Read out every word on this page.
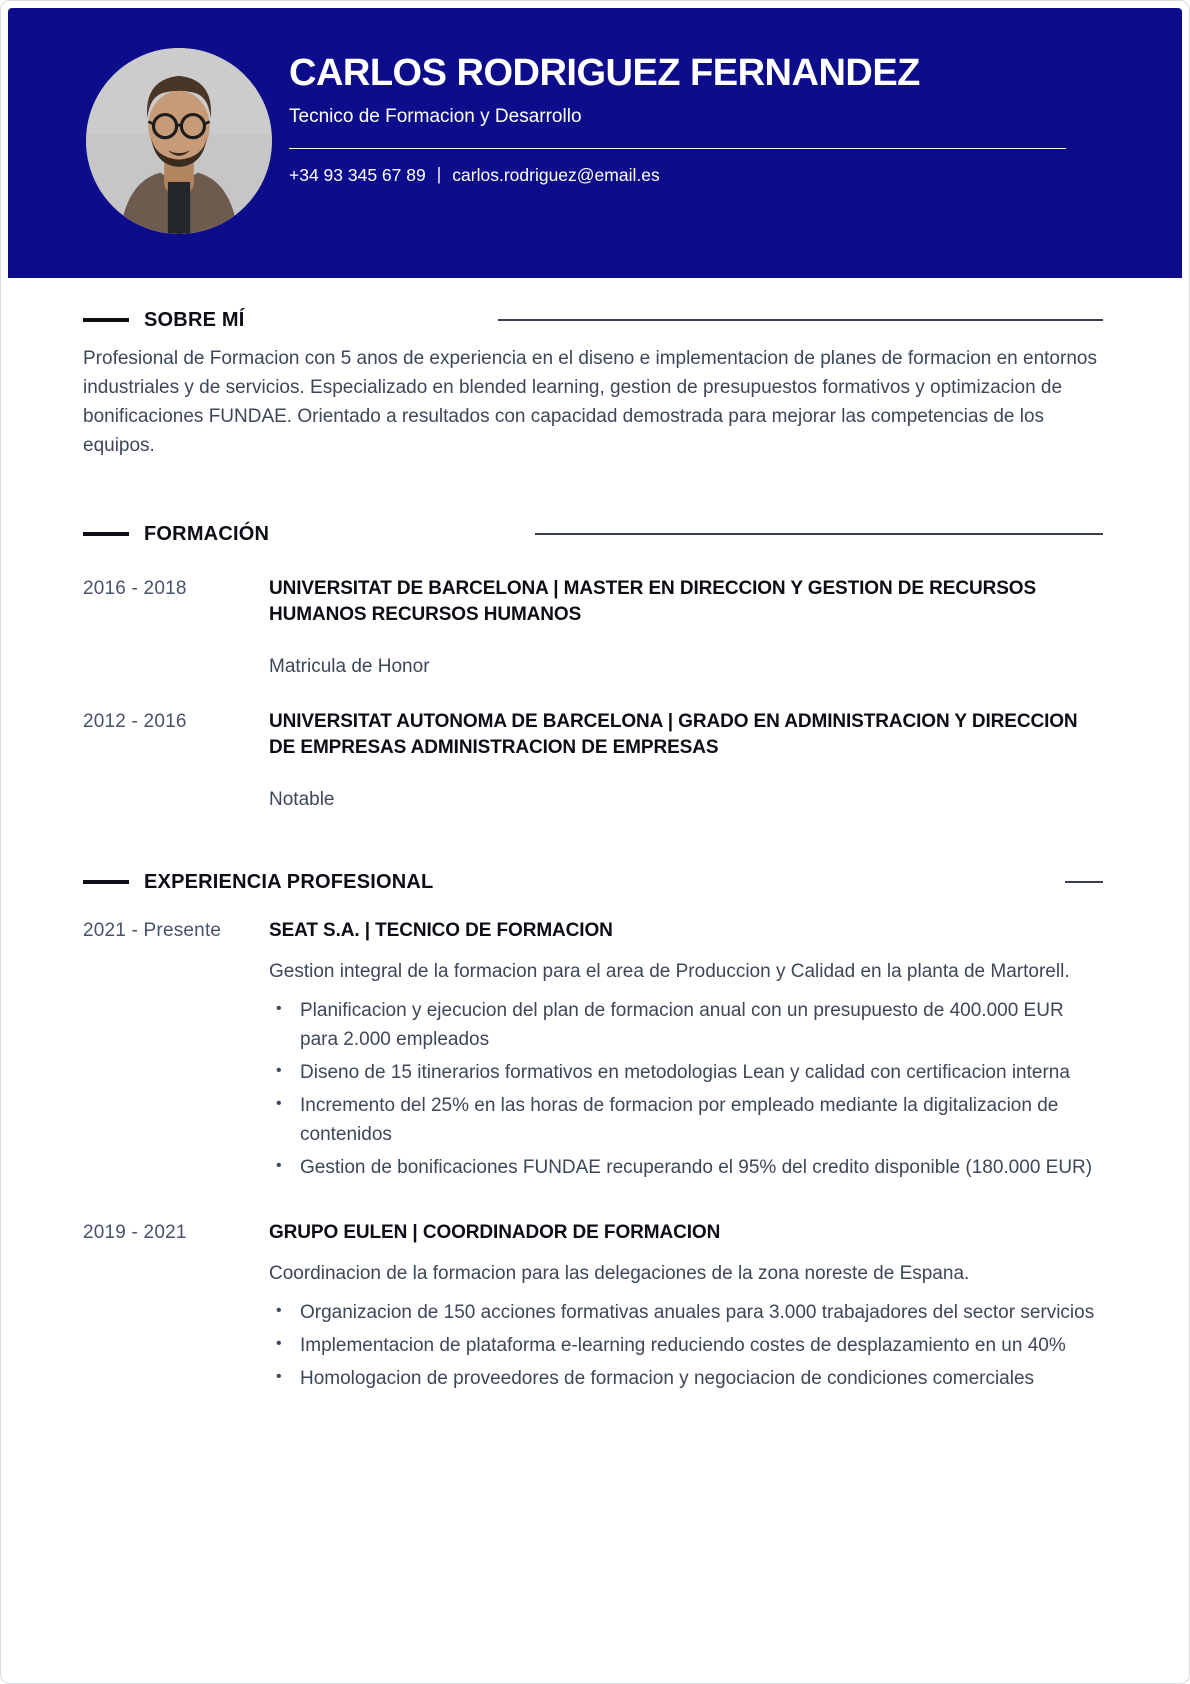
CARLOS RODRIGUEZ FERNANDEZ
Tecnico de Formacion y Desarrollo
+34 93 345 67 89 | carlos.rodriguez@email.es
SOBRE MÍ

Profesional de Formacion con 5 anos de experiencia en el diseno e implementacion de planes de formacion en entornos industriales y de servicios. Especializado en blended learning, gestion de presupuestos formativos y optimizacion de bonificaciones FUNDAE. Orientado a resultados con capacidad demostrada para mejorar las competencias de los equipos.

FORMACIÓN
2016 - 2018	UNIVERSITAT DE BARCELONA | MASTER EN DIRECCION Y GESTION DE RECURSOS HUMANOS RECURSOS HUMANOS
Matricula de Honor
2012 - 2016	UNIVERSITAT AUTONOMA DE BARCELONA | GRADO EN ADMINISTRACION Y DIRECCION DE EMPRESAS ADMINISTRACION DE EMPRESAS
Notable
EXPERIENCIA PROFESIONAL
2021 - Presente	SEAT S.A. | TECNICO DE FORMACION

Gestion integral de la formacion para el area de Produccion y Calidad en la planta de Martorell.

• Planificacion y ejecucion del plan de formacion anual con un presupuesto de 400.000 EUR para 2.000 empleados
• Diseno de 15 itinerarios formativos en metodologias Lean y calidad con certificacion interna
• Incremento del 25% en las horas de formacion por empleado mediante la digitalizacion de contenidos
• Gestion de bonificaciones FUNDAE recuperando el 95% del credito disponible (180.000 EUR)
2019 - 2021	GRUPO EULEN | COORDINADOR DE FORMACION

Coordinacion de la formacion para las delegaciones de la zona noreste de Espana.

• Organizacion de 150 acciones formativas anuales para 3.000 trabajadores del sector servicios
• Implementacion de plataforma e-learning reduciendo costes de desplazamiento en un 40%
• Homologacion de proveedores de formacion y negociacion de condiciones comerciales
